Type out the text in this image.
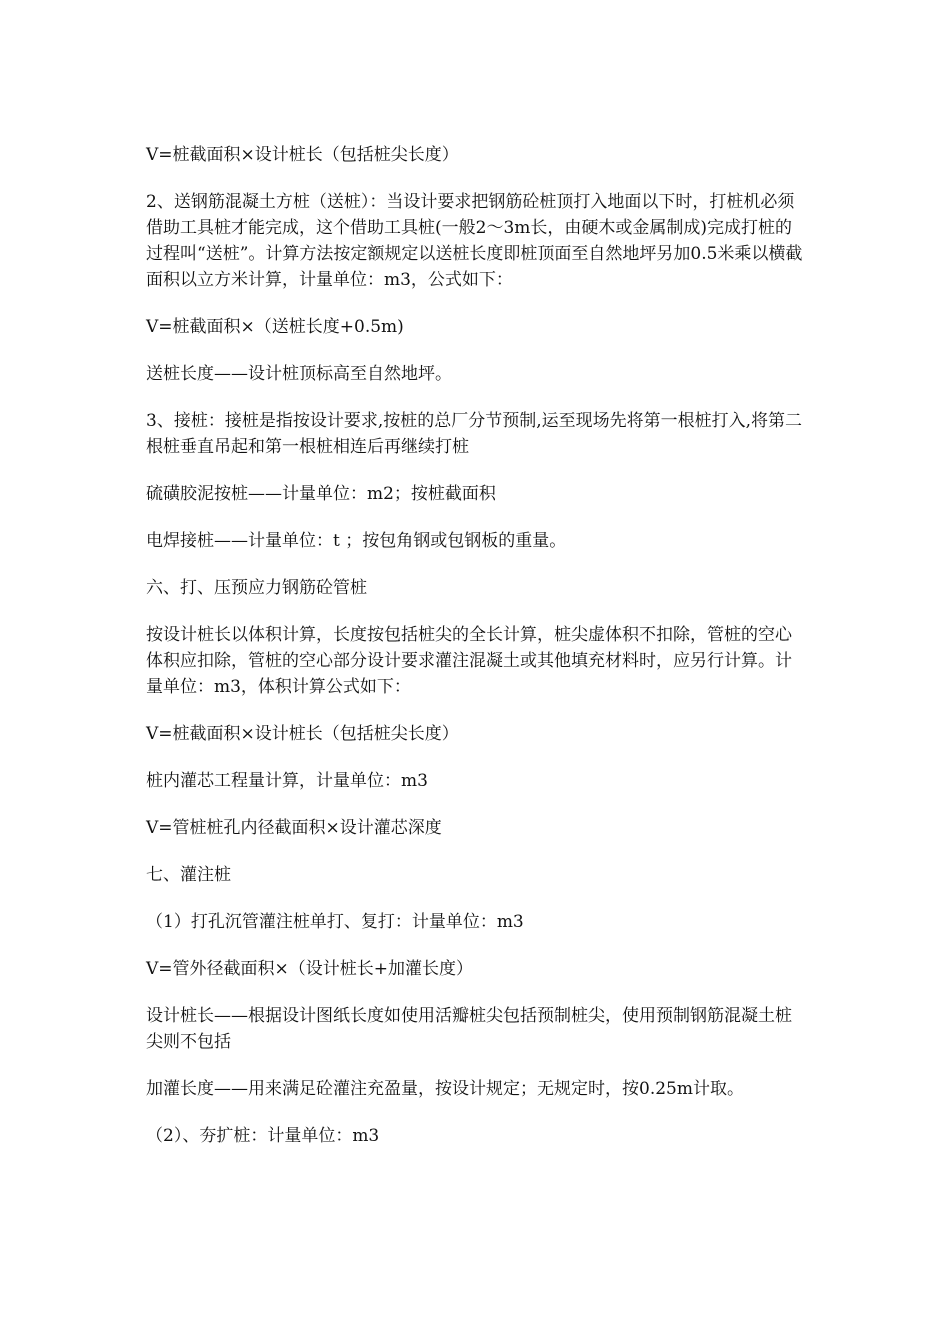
V=桩截面积×设计桩长（包括桩尖长度）

2、送钢筋混凝土方桩（送桩）：当设计要求把钢筋砼桩顶打入地面以下时，打桩机必须借助工具桩才能完成，这个借助工具桩(一般2～3m长，由硬木或金属制成)完成打桩的过程叫“送桩”。计算方法按定额规定以送桩长度即桩顶面至自然地坪另加0.5米乘以横截面积以立方米计算，计量单位：m3，公式如下：

V=桩截面积×（送桩长度+0.5m)

送桩长度——设计桩顶标高至自然地坪。

3、接桩：接桩是指按设计要求,按桩的总厂分节预制,运至现场先将第一根桩打入,将第二根桩垂直吊起和第一根桩相连后再继续打桩

硫磺胶泥按桩——计量单位：m2；按桩截面积

电焊接桩——计量单位：t ；按包角钢或包钢板的重量。

六、打、压预应力钢筋砼管桩

按设计桩长以体积计算，长度按包括桩尖的全长计算，桩尖虚体积不扣除，管桩的空心体积应扣除，管桩的空心部分设计要求灌注混凝土或其他填充材料时，应另行计算。计量单位：m3，体积计算公式如下：

V=桩截面积×设计桩长（包括桩尖长度）

桩内灌芯工程量计算，计量单位：m3

V=管桩桩孔内径截面积×设计灌芯深度

七、灌注桩

（1）打孔沉管灌注桩单打、复打：计量单位：m3

V=管外径截面积×（设计桩长+加灌长度）

设计桩长——根据设计图纸长度如使用活瓣桩尖包括预制桩尖，使用预制钢筋混凝土桩尖则不包括

加灌长度——用来满足砼灌注充盈量，按设计规定；无规定时，按0.25m计取。

（2）、夯扩桩：计量单位：m3
